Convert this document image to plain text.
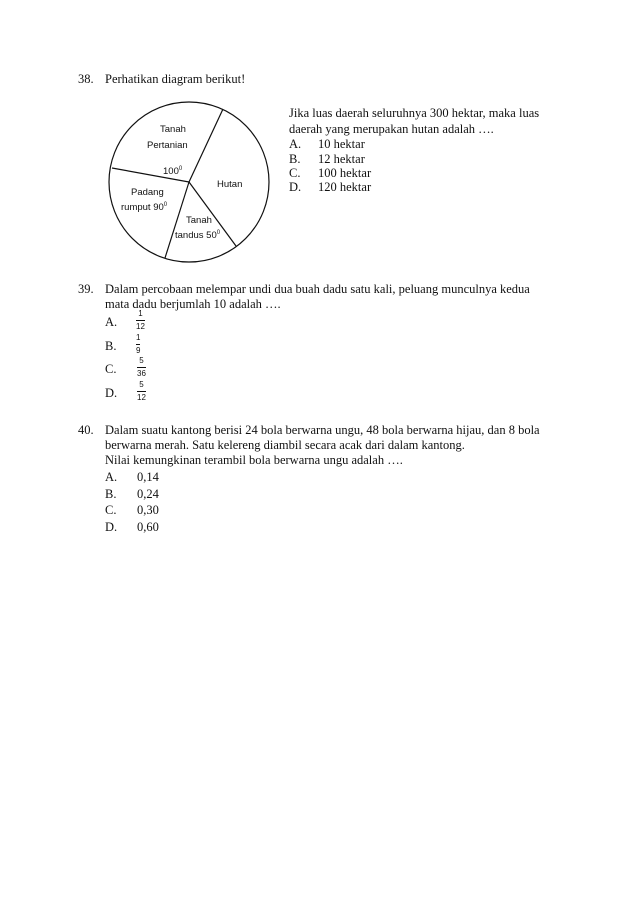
38. Perhatikan diagram berikut!
Tanah
Pertanian
$100^0$
Padang
rumput $90^0$
Hutan
Tanah
tandus $50^0$
Jika luas daerah seluruhnya 300 hektar, maka luas
daerah yang merupakan hutan adalah ….
A. 10 hektar
B. 12 hektar
C. 100 hektar
D. 120 hektar
39. Dalam percobaan melempar undi dua buah dadu satu kali, peluang munculnya kedua
mata dadu berjumlah 10 adalah ….
A.
1
12
B.
1
9
C.
5
36
D.
5
12
40. Dalam suatu kantong berisi 24 bola berwarna ungu, 48 bola berwarna hijau, dan 8 bola
berwarna merah. Satu kelereng diambil secara acak dari dalam kantong.
Nilai kemungkinan terambil bola berwarna ungu adalah ….
A. 0,14
B. 0,24
C. 0,30
D. 0,60
